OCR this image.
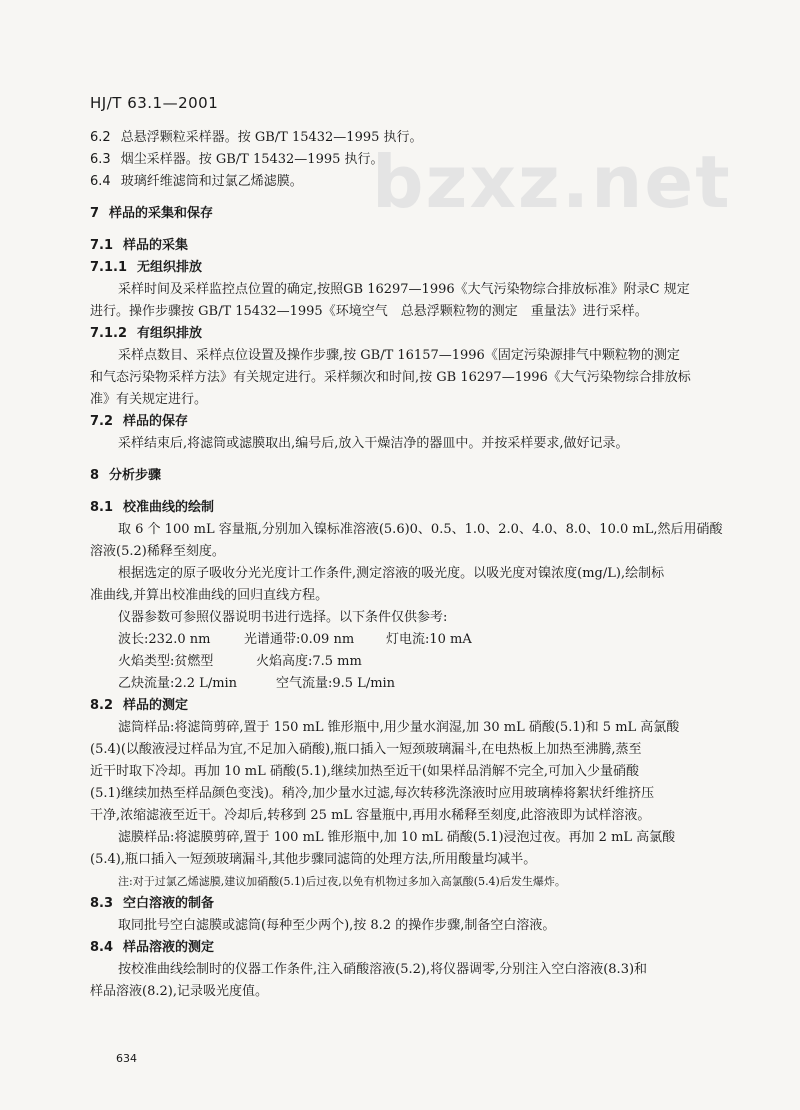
bzxz.net
HJ/T 63.1—2001
6.2 总悬浮颗粒采样器。按 GB/T 15432—1995 执行。
6.3 烟尘采样器。按 GB/T 15432—1995 执行。
6.4 玻璃纤维滤筒和过氯乙烯滤膜。
7 样品的采集和保存
7.1 样品的采集
7.1.1 无组织排放
采样时间及采样监控点位置的确定,按照GB 16297—1996《大气污染物综合排放标准》附录C 规定
进行。操作步骤按 GB/T 15432—1995《环境空气　总悬浮颗粒物的测定　重量法》进行采样。
7.1.2 有组织排放
采样点数目、采样点位设置及操作步骤,按 GB/T 16157—1996《固定污染源排气中颗粒物的测定
和气态污染物采样方法》有关规定进行。采样频次和时间,按 GB 16297—1996《大气污染物综合排放标
准》有关规定进行。
7.2 样品的保存
采样结束后,将滤筒或滤膜取出,编号后,放入干燥洁净的器皿中。并按采样要求,做好记录。
8 分析步骤
8.1 校准曲线的绘制
取 6 个 100 mL 容量瓶,分别加入镍标准溶液(5.6)0、0.5、1.0、2.0、4.0、8.0、10.0 mL,然后用硝酸
溶液(5.2)稀释至刻度。
根据选定的原子吸收分光光度计工作条件,测定溶液的吸光度。以吸光度对镍浓度(mg/L),绘制标
准曲线,并算出校准曲线的回归直线方程。
仪器参数可参照仪器说明书进行选择。以下条件仅供参考:
波长:232.0 nm	光谱通带:0.09 nm 灯电流:10 mA
火焰类型:贫燃型	火焰高度:7.5 mm
乙炔流量:2.2 L/min	空气流量:9.5 L/min
8.2 样品的测定
滤筒样品:将滤筒剪碎,置于 150 mL 锥形瓶中,用少量水润湿,加 30 mL 硝酸(5.1)和 5 mL 高氯酸
(5.4)(以酸液浸过样品为宜,不足加入硝酸),瓶口插入一短颈玻璃漏斗,在电热板上加热至沸腾,蒸至
近干时取下冷却。再加 10 mL 硝酸(5.1),继续加热至近干(如果样品消解不完全,可加入少量硝酸
(5.1)继续加热至样品颜色变浅)。稍冷,加少量水过滤,每次转移洗涤液时应用玻璃棒将絮状纤维挤压
干净,浓缩滤液至近干。冷却后,转移到 25 mL 容量瓶中,再用水稀释至刻度,此溶液即为试样溶液。
滤膜样品:将滤膜剪碎,置于 100 mL 锥形瓶中,加 10 mL 硝酸(5.1)浸泡过夜。再加 2 mL 高氯酸
(5.4),瓶口插入一短颈玻璃漏斗,其他步骤同滤筒的处理方法,所用酸量均减半。
注:对于过氯乙烯滤膜,建议加硝酸(5.1)后过夜,以免有机物过多加入高氯酸(5.4)后发生爆炸。
8.3 空白溶液的制备
取同批号空白滤膜或滤筒(每种至少两个),按 8.2 的操作步骤,制备空白溶液。
8.4 样品溶液的测定
按校准曲线绘制时的仪器工作条件,注入硝酸溶液(5.2),将仪器调零,分别注入空白溶液(8.3)和
样品溶液(8.2),记录吸光度值。
634
